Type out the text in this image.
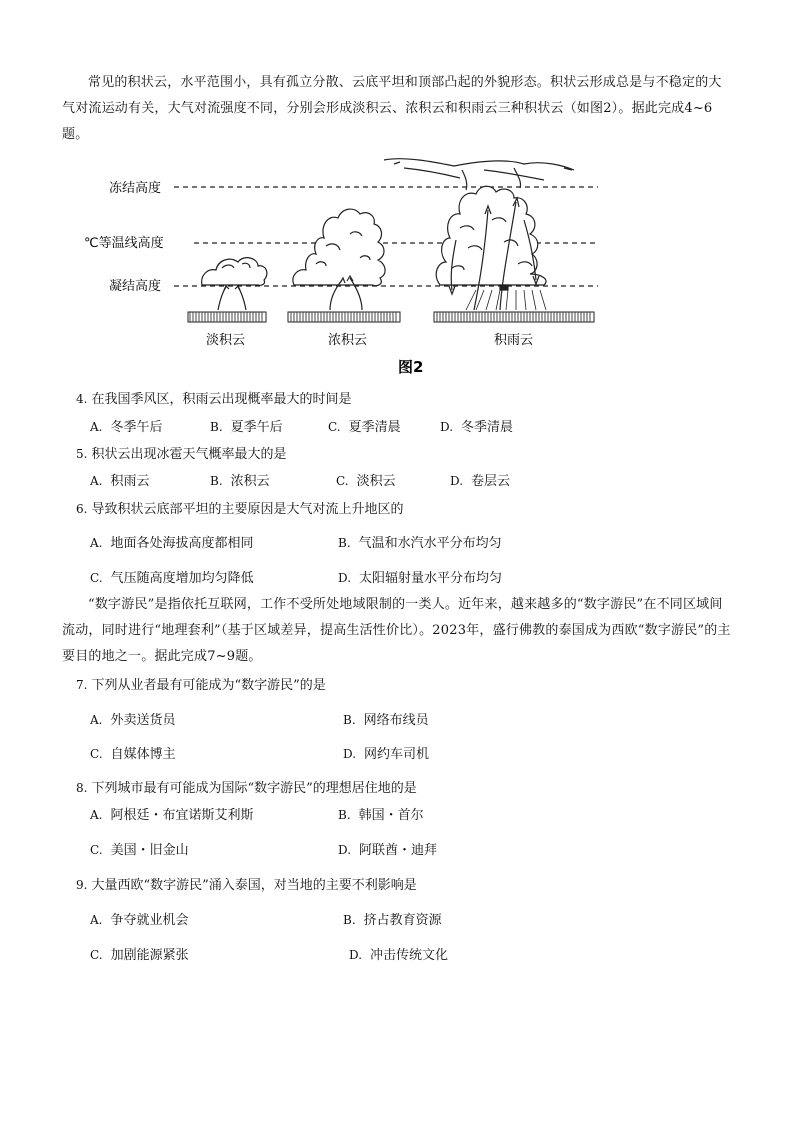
常见的积状云，水平范围小，具有孤立分散、云底平坦和顶部凸起的外貌形态。积状云形成总是与不稳定的大气对流运动有关，大气对流强度不同，分别会形成淡积云、浓积云和积雨云三种积状云（如图2）。据此完成4~6题。

冻结高度
℃等温线高度
凝结高度
淡积云	浓积云	积雨云
图2
4. 在我国季风区，积雨云出现概率最大的时间是
A. 冬季午后	B. 夏季午后	C. 夏季清晨	D. 冬季清晨
5. 积状云出现冰雹天气概率最大的是
A. 积雨云	B. 浓积云	C. 淡积云	D. 卷层云
6. 导致积状云底部平坦的主要原因是大气对流上升地区的
A. 地面各处海拔高度都相同	B. 气温和水汽水平分布均匀
C. 气压随高度增加均匀降低	D. 太阳辐射量水平分布均匀

“数字游民”是指依托互联网，工作不受所处地域限制的一类人。近年来，越来越多的“数字游民”在不同区域间流动，同时进行“地理套利”（基于区域差异，提高生活性价比）。2023年，盛行佛教的泰国成为西欧“数字游民”的主要目的地之一。据此完成7~9题。

7. 下列从业者最有可能成为“数字游民”的是
A. 外卖送货员	B. 网络布线员
C. 自媒体博主	D. 网约车司机
8. 下列城市最有可能成为国际“数字游民”的理想居住地的是
A. 阿根廷・布宜诺斯艾利斯	B. 韩国・首尔
C. 美国・旧金山	D. 阿联酋・迪拜
9. 大量西欧“数字游民”涌入泰国，对当地的主要不利影响是
A. 争夺就业机会	B. 挤占教育资源
C. 加剧能源紧张	D. 冲击传统文化
